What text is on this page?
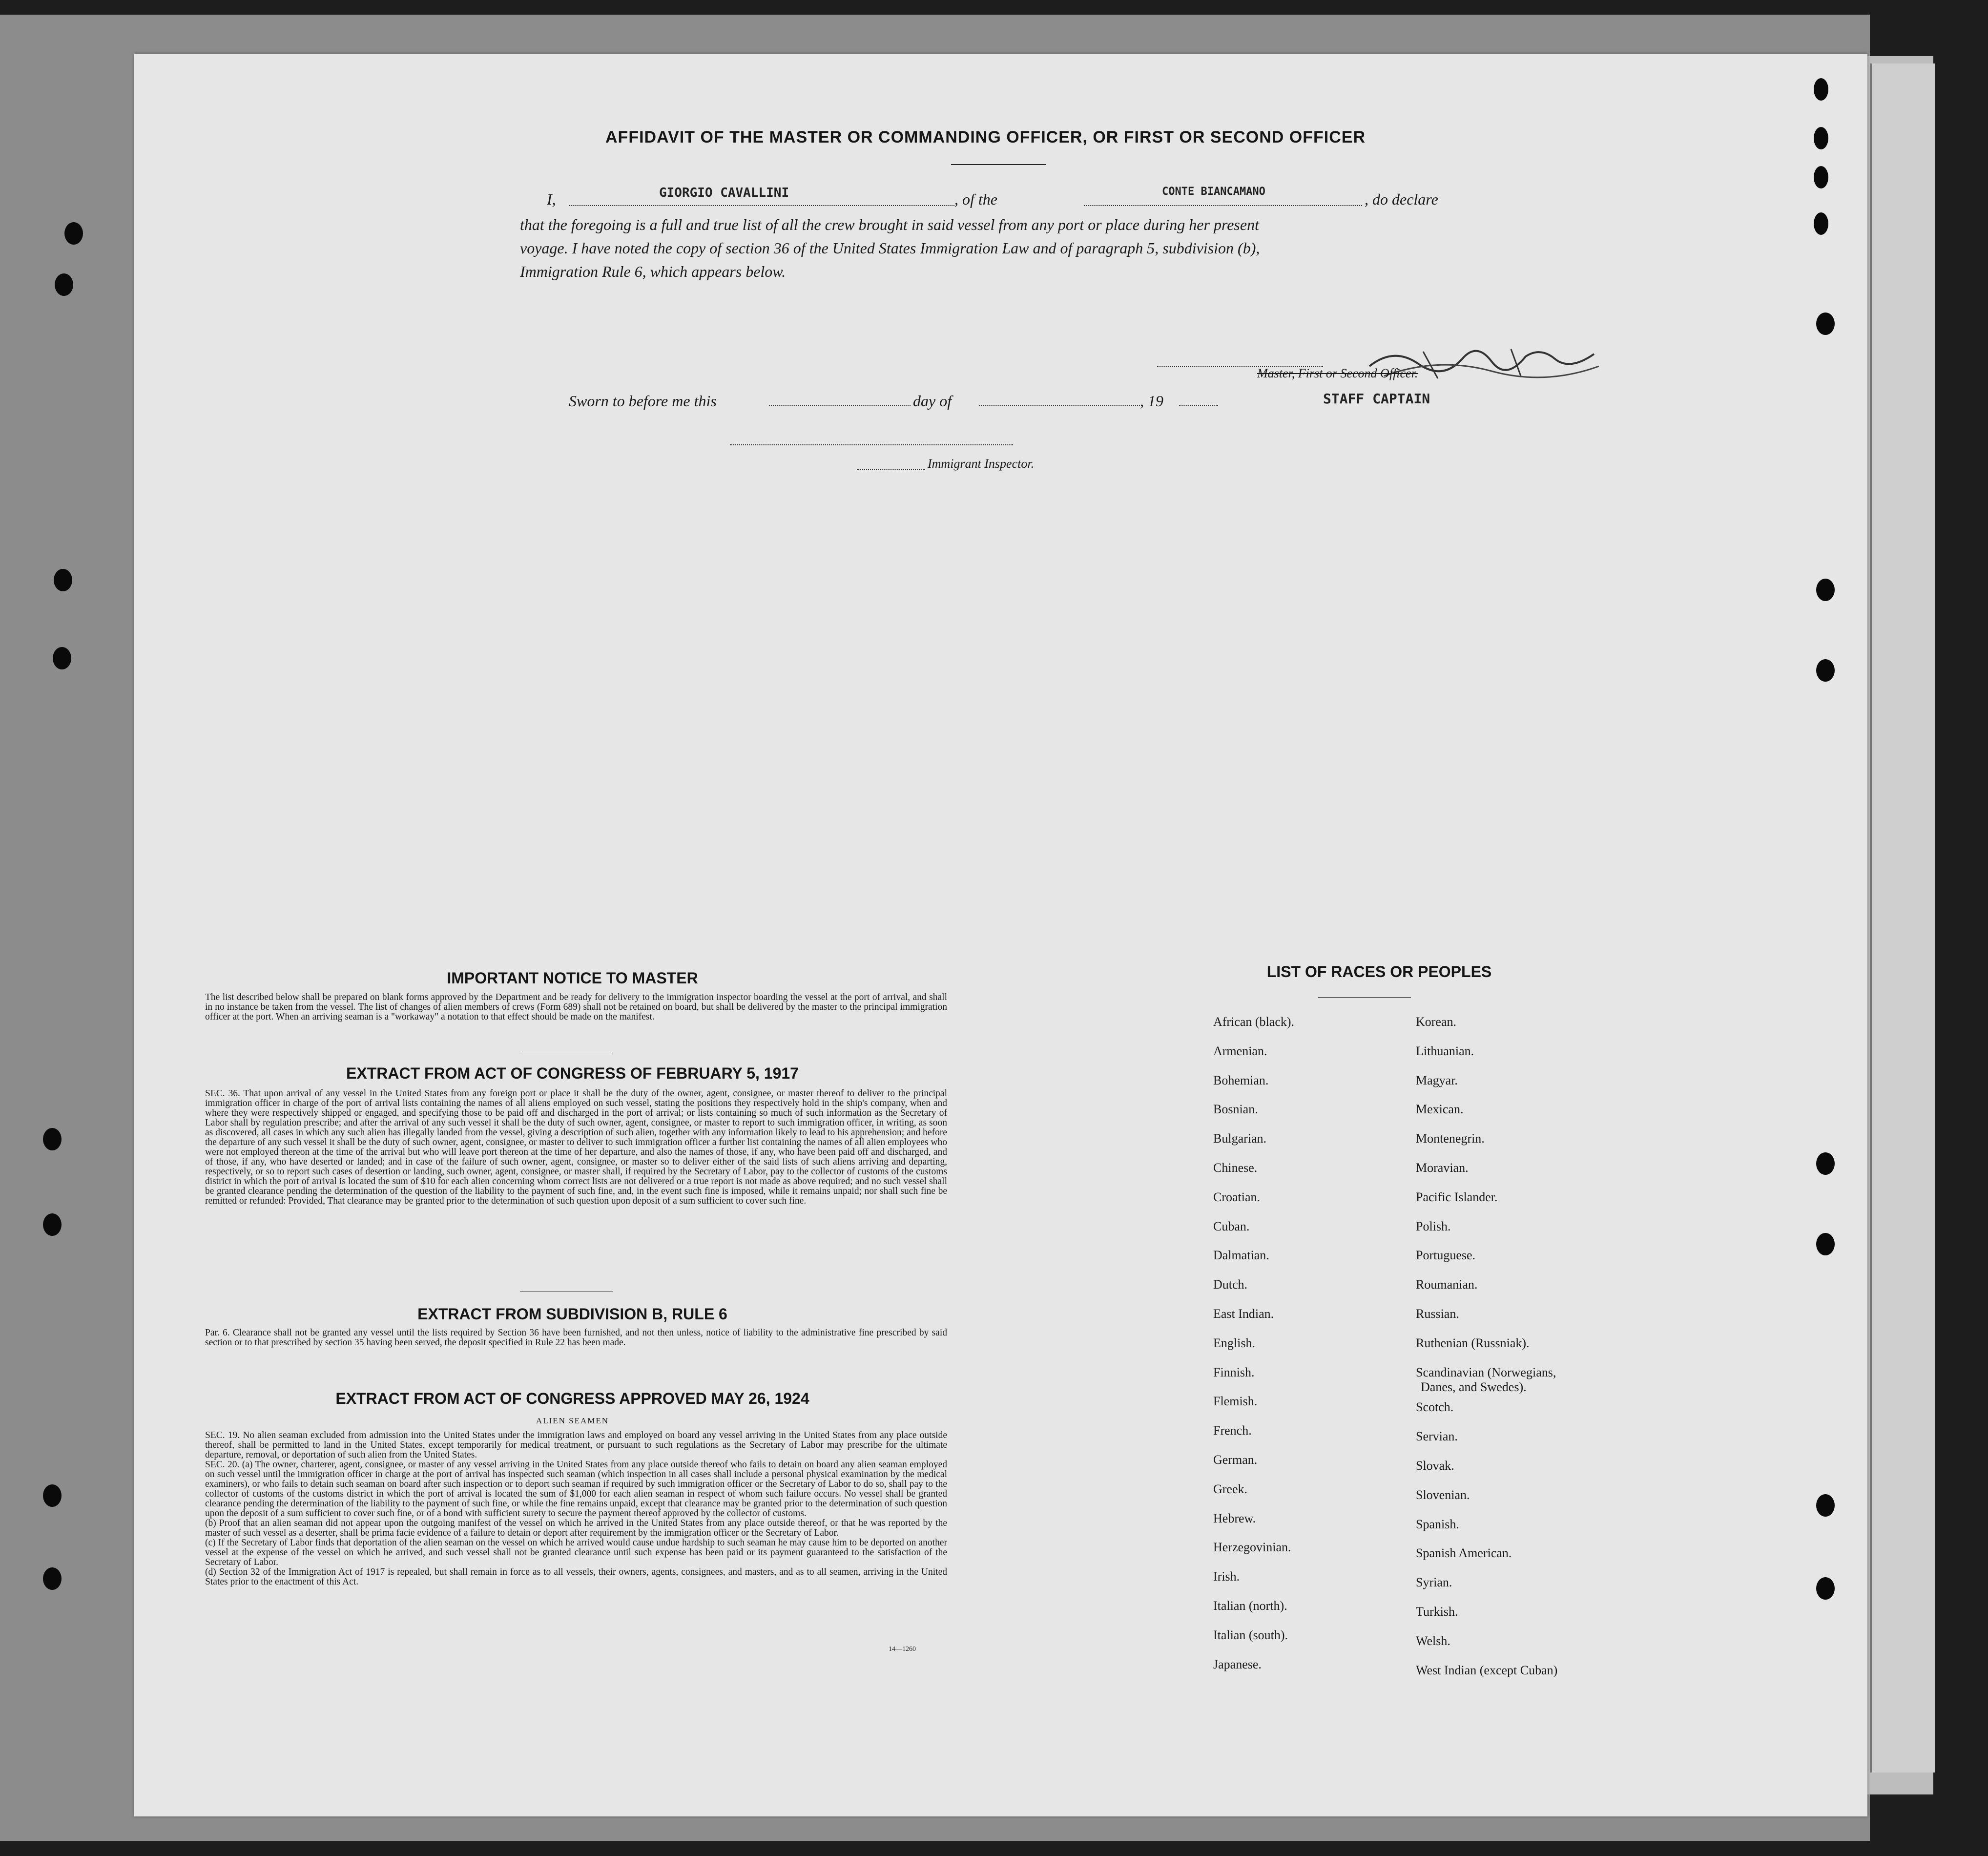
AFFIDAVIT OF THE MASTER OR COMMANDING OFFICER, OR FIRST OR SECOND OFFICER
I,	GIORGIO CAVALLINI	, of the	CONTE BIANCAMANO	, do declare
that the foregoing is a full and true list of all the crew brought in said vessel from any port or place during her present
voyage. I have noted the copy of section 36 of the United States Immigration Law and of paragraph 5, subdivision (b),
Immigration Rule 6, which appears below.
Master, First or Second Officer.
STAFF CAPTAIN
Sworn to before me this	day of	, 19
Immigrant Inspector.
IMPORTANT NOTICE TO MASTER
The list described below shall be prepared on blank forms approved by the Department and be ready for delivery to the immigration inspector boarding the vessel at the port of arrival, and shall in no instance be taken from the vessel. The list of changes of alien members of crews (Form 689) shall not be retained on board, but shall be delivered by the master to the principal immigration officer at the port. When an arriving seaman is a "workaway" a notation to that effect should be made on the manifest.
EXTRACT FROM ACT OF CONGRESS OF FEBRUARY 5, 1917
SEC. 36. That upon arrival of any vessel in the United States from any foreign port or place it shall be the duty of the owner, agent, consignee, or master thereof to deliver to the principal immigration officer in charge of the port of arrival lists containing the names of all aliens employed on such vessel, stating the positions they respectively hold in the ship's company, when and where they were respectively shipped or engaged, and specifying those to be paid off and discharged in the port of arrival; or lists containing so much of such information as the Secretary of Labor shall by regulation prescribe; and after the arrival of any such vessel it shall be the duty of such owner, agent, consignee, or master to report to such immigration officer, in writing, as soon as discovered, all cases in which any such alien has illegally landed from the vessel, giving a description of such alien, together with any information likely to lead to his apprehension; and before the departure of any such vessel it shall be the duty of such owner, agent, consignee, or master to deliver to such immigration officer a further list containing the names of all alien employees who were not employed thereon at the time of the arrival but who will leave port thereon at the time of her departure, and also the names of those, if any, who have been paid off and discharged, and of those, if any, who have deserted or landed; and in case of the failure of such owner, agent, consignee, or master so to deliver either of the said lists of such aliens arriving and departing, respectively, or so to report such cases of desertion or landing, such owner, agent, consignee, or master shall, if required by the Secretary of Labor, pay to the collector of customs of the customs district in which the port of arrival is located the sum of $10 for each alien concerning whom correct lists are not delivered or a true report is not made as above required; and no such vessel shall be granted clearance pending the determination of the question of the liability to the payment of such fine, and, in the event such fine is imposed, while it remains unpaid; nor shall such fine be remitted or refunded: Provided, That clearance may be granted prior to the determination of such question upon deposit of a sum sufficient to cover such fine.
EXTRACT FROM SUBDIVISION B, RULE 6
Par. 6. Clearance shall not be granted any vessel until the lists required by Section 36 have been furnished, and not then unless, notice of liability to the administrative fine prescribed by said section or to that prescribed by section 35 having been served, the deposit specified in Rule 22 has been made.
EXTRACT FROM ACT OF CONGRESS APPROVED MAY 26, 1924
ALIEN SEAMEN
SEC. 19. No alien seaman excluded from admission into the United States under the immigration laws and employed on board any vessel arriving in the United States from any place outside thereof, shall be permitted to land in the United States, except temporarily for medical treatment, or pursuant to such regulations as the Secretary of Labor may prescribe for the ultimate departure, removal, or deportation of such alien from the United States.
SEC. 20. (a) The owner, charterer, agent, consignee, or master of any vessel arriving in the United States from any place outside thereof who fails to detain on board any alien seaman employed on such vessel until the immigration officer in charge at the port of arrival has inspected such seaman (which inspection in all cases shall include a personal physical examination by the medical examiners), or who fails to detain such seaman on board after such inspection or to deport such seaman if required by such immigration officer or the Secretary of Labor to do so, shall pay to the collector of customs of the customs district in which the port of arrival is located the sum of $1,000 for each alien seaman in respect of whom such failure occurs. No vessel shall be granted clearance pending the determination of the liability to the payment of such fine, or while the fine remains unpaid, except that clearance may be granted prior to the determination of such question upon the deposit of a sum sufficient to cover such fine, or of a bond with sufficient surety to secure the payment thereof approved by the collector of customs.
(b) Proof that an alien seaman did not appear upon the outgoing manifest of the vessel on which he arrived in the United States from any place outside thereof, or that he was reported by the master of such vessel as a deserter, shall be prima facie evidence of a failure to detain or deport after requirement by the immigration officer or the Secretary of Labor.
(c) If the Secretary of Labor finds that deportation of the alien seaman on the vessel on which he arrived would cause undue hardship to such seaman he may cause him to be deported on another vessel at the expense of the vessel on which he arrived, and such vessel shall not be granted clearance until such expense has been paid or its payment guaranteed to the satisfaction of the Secretary of Labor.
(d) Section 32 of the Immigration Act of 1917 is repealed, but shall remain in force as to all vessels, their owners, agents, consignees, and masters, and as to all seamen, arriving in the United States prior to the enactment of this Act.
14—1260
LIST OF RACES OR PEOPLES
African (black).
Armenian.
Bohemian.
Bosnian.
Bulgarian.
Chinese.
Croatian.
Cuban.
Dalmatian.
Dutch.
East Indian.
English.
Finnish.
Flemish.
French.
German.
Greek.
Hebrew.
Herzegovinian.
Irish.
Italian (north).
Italian (south).
Japanese.
Korean.
Lithuanian.
Magyar.
Mexican.
Montenegrin.
Moravian.
Pacific Islander.
Polish.
Portuguese.
Roumanian.
Russian.
Ruthenian (Russniak).
Scandinavian (Norwegians,
Danes, and Swedes).
Scotch.
Servian.
Slovak.
Slovenian.
Spanish.
Spanish American.
Syrian.
Turkish.
Welsh.
West Indian (except Cuban)
